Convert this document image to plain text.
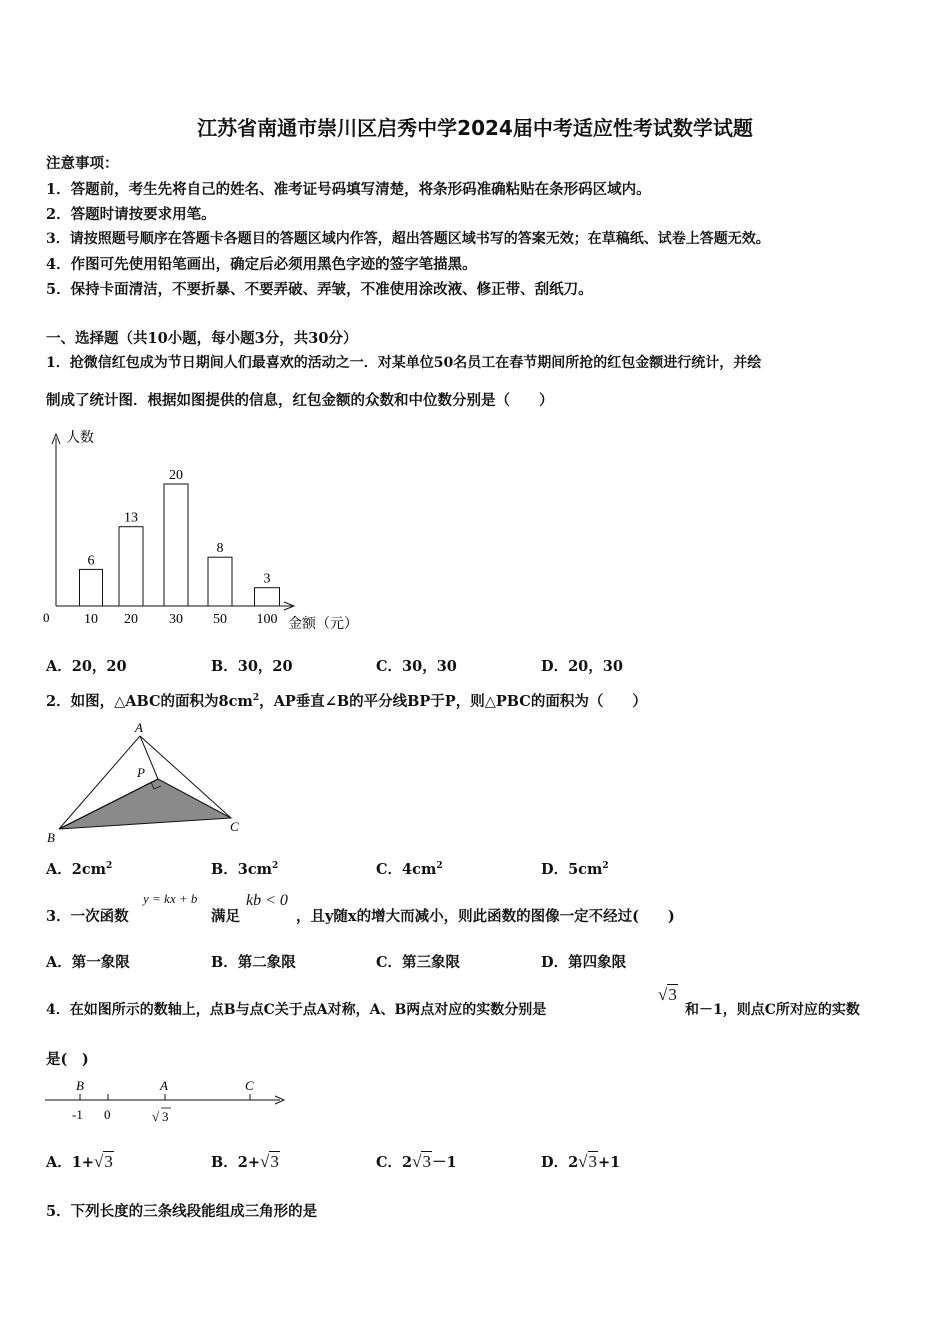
江苏省南通市崇川区启秀中学2024届中考适应性考试数学试题
注意事项：
1．答题前，考生先将自己的姓名、准考证号码填写清楚，将条形码准确粘贴在条形码区域内。
2．答题时请按要求用笔。
3．请按照题号顺序在答题卡各题目的答题区域内作答，超出答题区域书写的答案无效；在草稿纸、试卷上答题无效。
4．作图可先使用铅笔画出，确定后必须用黑色字迹的签字笔描黑。
5．保持卡面清洁，不要折暴、不要弄破、弄皱，不准使用涂改液、修正带、刮纸刀。
一、选择题（共10小题，每小题3分，共30分）
1．抢微信红包成为节日期间人们最喜欢的活动之一．对某单位50名员工在春节期间所抢的红包金额进行统计，并绘
制成了统计图．根据如图提供的信息，红包金额的众数和中位数分别是（　　）
人数
金额（元）
0
6
10
13
20
20
30
8
50
3
100
A．20，20	B．30，20	C．30，30	D．20，30
2．如图，△ABC的面积为$8cm^2$，AP垂直∠B的平分线BP于P，则△PBC的面积为（　　）
A
P
B
C
A．$2cm^2$	B．$3cm^2$	C．$4cm^2$	D．$5cm^2$
3．一次函数
y = kx + b
满足
kb < 0
，且y随x的增大而减小，则此函数的图像一定不经过(　　)
A．第一象限	B．第二象限	C．第三象限	D．第四象限
4．在如图所示的数轴上，点B与点C关于点A对称，A、B两点对应的实数分别是
√3
和－1，则点C所对应的实数
是(　)
B	A	C
-1 0	√ 3
A．1+√3	B．2+√3	C．2√3－1	D．2√3+1
5．下列长度的三条线段能组成三角形的是
